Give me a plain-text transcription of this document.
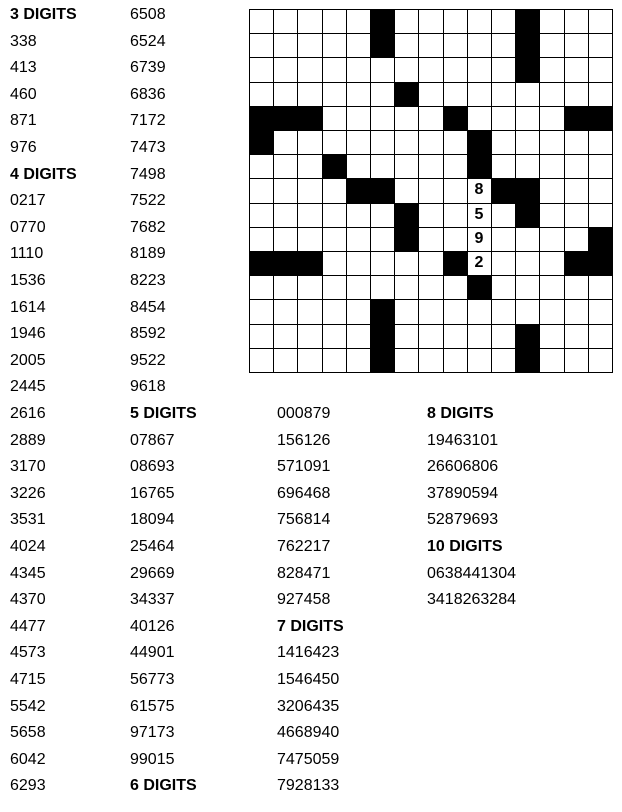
3 DIGITS
338
413
460
871
976
4 DIGITS
0217
0770
1110
1536
1614
1946
2005
2445
2616
2889
3170
3226
3531
4024
4345
4370
4477
4573
4715
5542
5658
6042
6293
6508
6524
6739
6836
7172
7473
7498
7522
7682
8189
8223
8454
8592
9522
9618
5 DIGITS
07867
08693
16765
18094
25464
29669
34337
40126
44901
56773
61575
97173
99015
6 DIGITS
000879
156126
571091
696468
756814
762217
828471
927458
7 DIGITS
1416423
1546450
3206435
4668940
7475059
7928133
8 DIGITS
19463101
26606806
37890594
52879693
10 DIGITS
0638441304
3418263284
8
5
9
2
